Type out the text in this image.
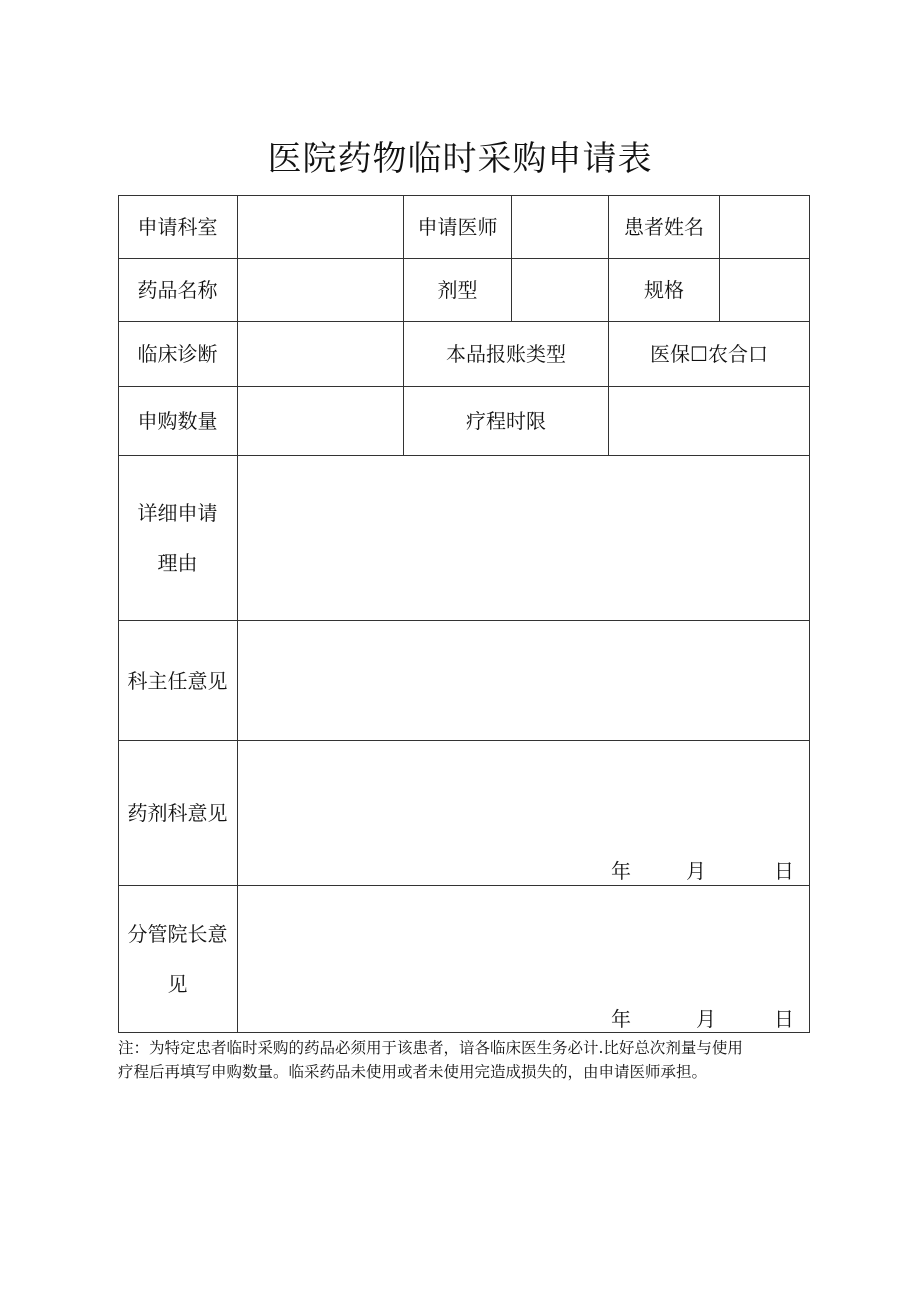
医院药物临时采购申请表
申请科室	申请医师	患者姓名
药品名称	剂型	规格
临床诊断	本品报账类型	医保☐农合口
申购数量	疗程时限
详细申请
理由
科主任意见
药剂科意见
年	月	日
分管院长意
见
年	月	日
注：为特定忠者临时采购的药品必须用于该患者，谙各临床医生务必计.比好总次剂量与使用
疗程后再填写申购数量。临采药品未使用或者未使用完造成损失的，由申请医师承担。
